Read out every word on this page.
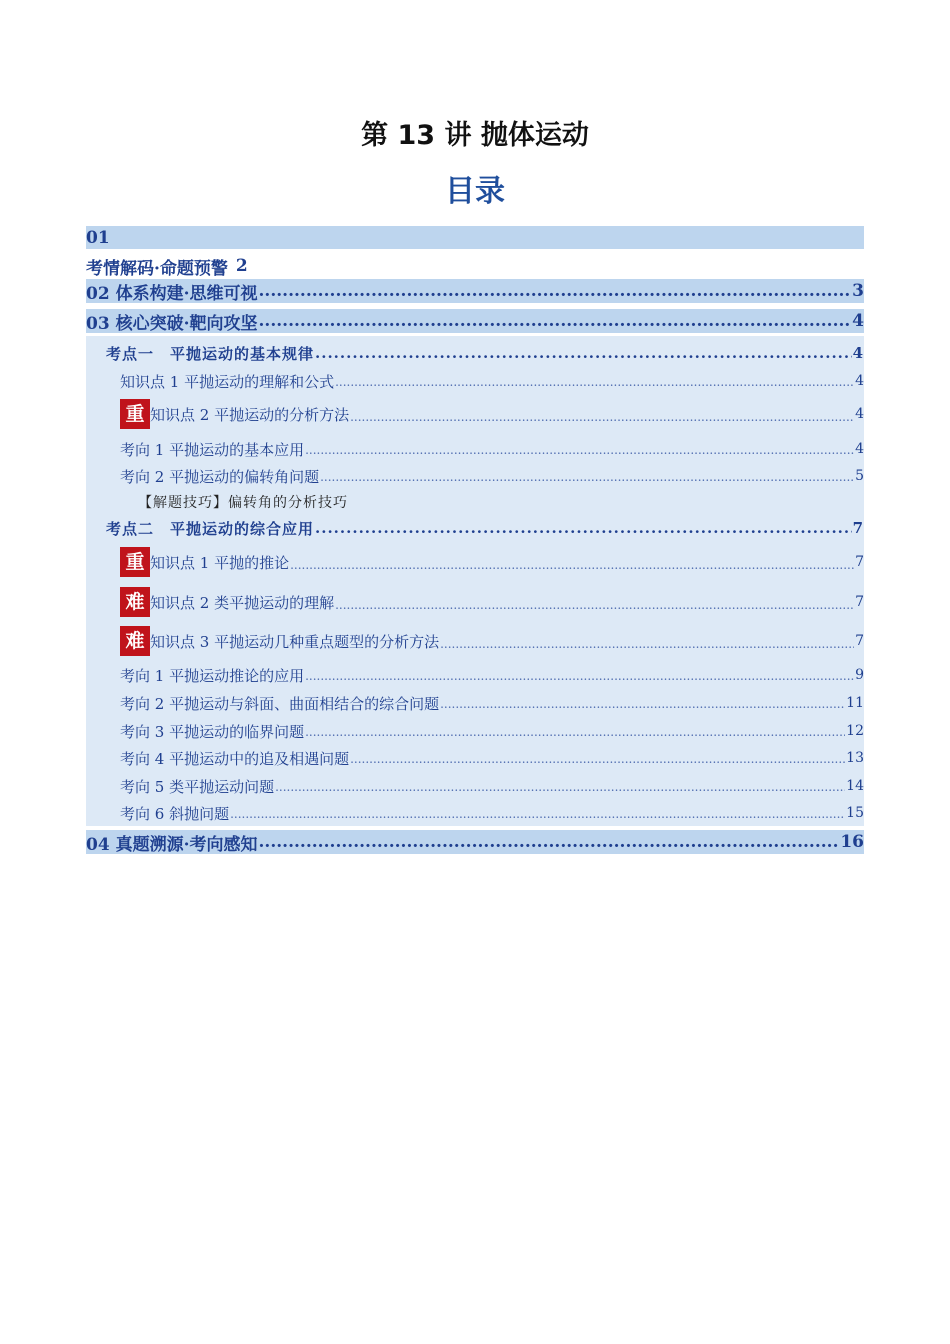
第 13 讲 抛体运动
目录
01
考情解码·命题预警 2
02 体系构建·思维可视 .....	3
03 核心突破·靶向攻坚 .....	4
考点一　平抛运动的基本规律 .....	4
知识点 1 平抛运动的理解和公式 .....	4
重 知识点 2 平抛运动的分析方法 .....	4
考向 1 平抛运动的基本应用 .....	4
考向 2 平抛运动的偏转角问题 .....	5
【解题技巧】偏转角的分析技巧
考点二　平抛运动的综合应用 .....	7
重 知识点 1 平抛的推论 .....	7
难 知识点 2 类平抛运动的理解 .....	7
难 知识点 3 平抛运动几种重点题型的分析方法 .....	7
考向 1 平抛运动推论的应用 .....	9
考向 2 平抛运动与斜面、曲面相结合的综合问题 .....	11
考向 3 平抛运动的临界问题 .....	12
考向 4 平抛运动中的追及相遇问题 .....	13
考向 5 类平抛运动问题 .....	14
考向 6 斜抛问题 .....	15
04 真题溯源·考向感知 .....	16
